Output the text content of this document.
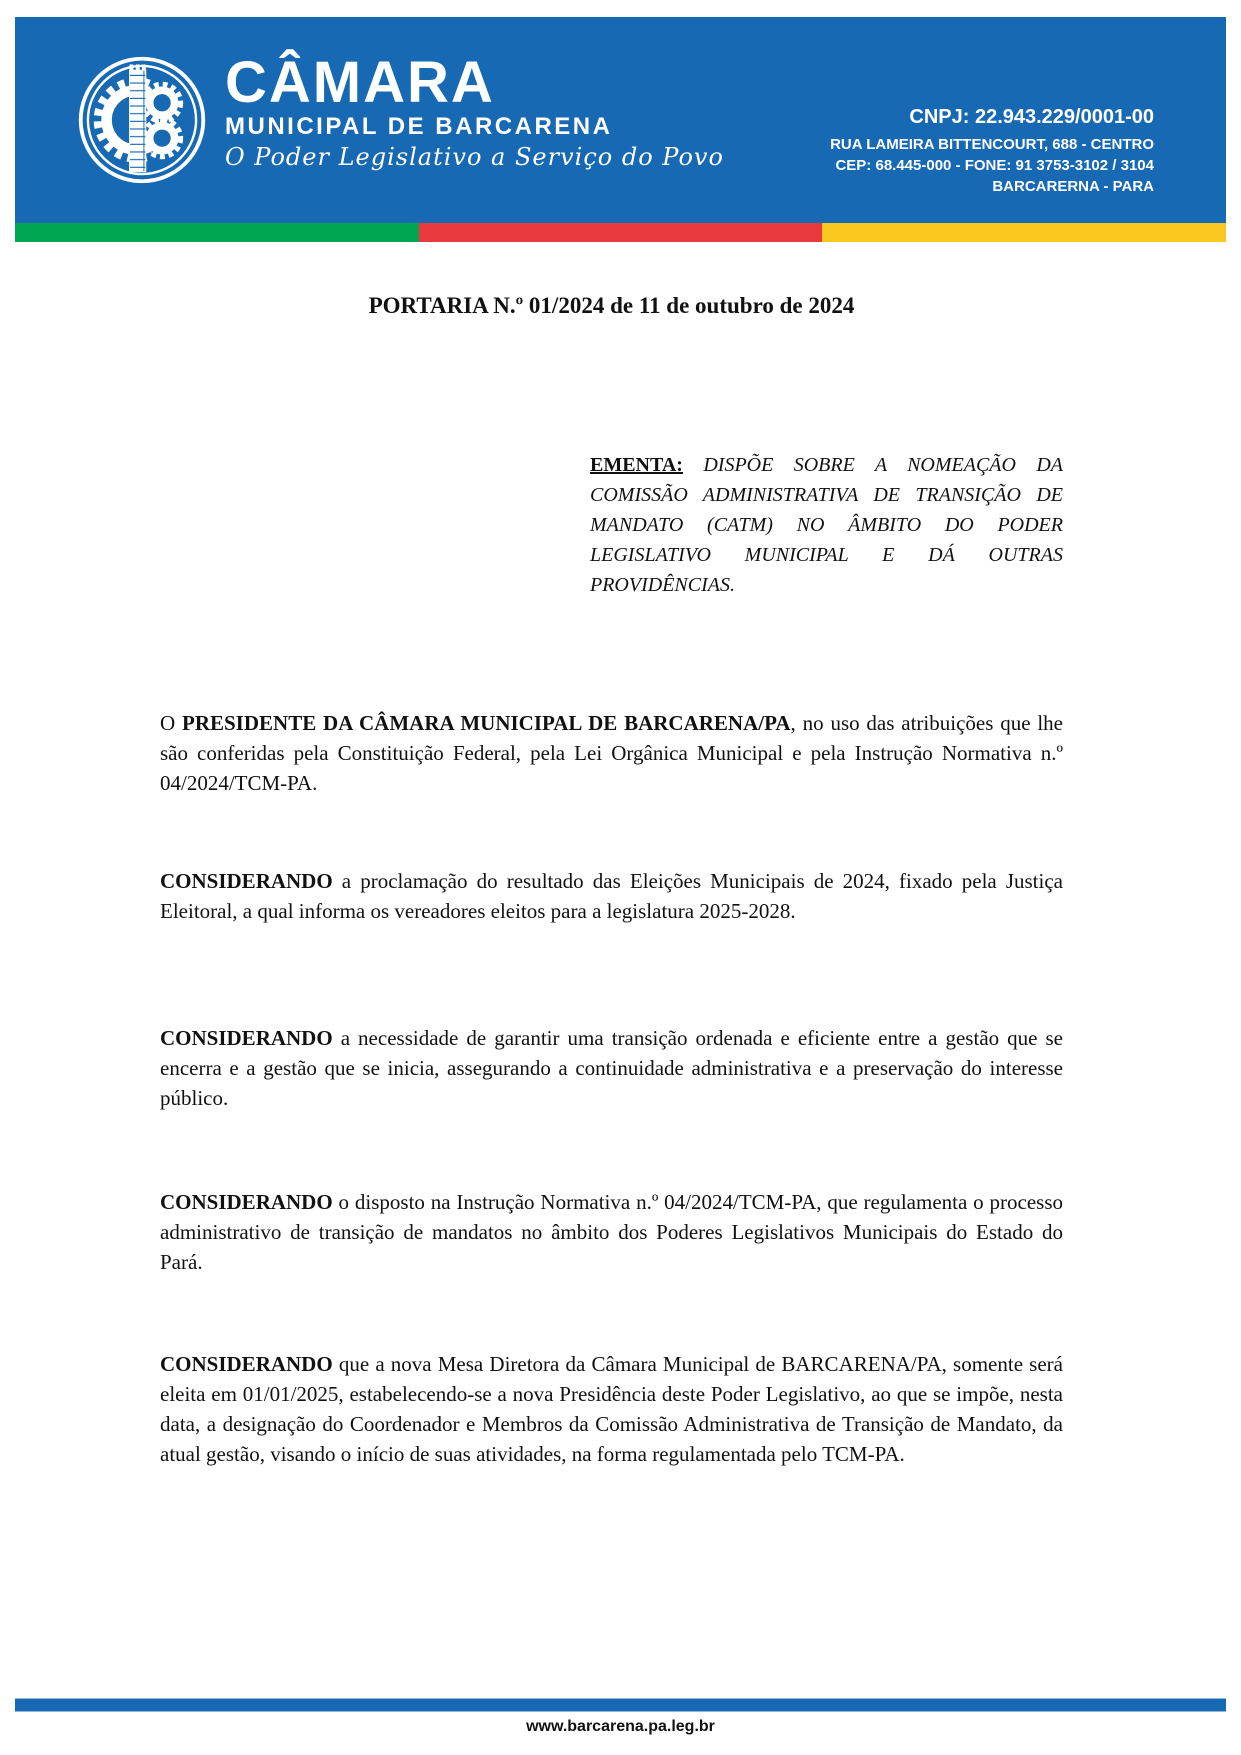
CÂMARA
MUNICIPAL DE BARCARENA
O Poder Legislativo a Serviço do Povo
CNPJ: 22.943.229/0001-00
RUA LAMEIRA BITTENCOURT, 688 - CENTRO
CEP: 68.445-000 - FONE: 91 3753-3102 / 3104
BARCARERNA - PARA
PORTARIA N.º 01/2024 de 11 de outubro de 2024
EMENTA: DISPÕE SOBRE A NOMEAÇÃO DA COMISSÃO ADMINISTRATIVA DE TRANSIÇÃO DE MANDATO (CATM) NO ÂMBITO DO PODER LEGISLATIVO MUNICIPAL E DÁ OUTRAS PROVIDÊNCIAS.
O PRESIDENTE DA CÂMARA MUNICIPAL DE BARCARENA/PA, no uso das atribuições que lhe são conferidas pela Constituição Federal, pela Lei Orgânica Municipal e pela Instrução Normativa n.º 04/2024/TCM-PA.
CONSIDERANDO a proclamação do resultado das Eleições Municipais de 2024, fixado pela Justiça Eleitoral, a qual informa os vereadores eleitos para a legislatura 2025-2028.
CONSIDERANDO a necessidade de garantir uma transição ordenada e eficiente entre a gestão que se encerra e a gestão que se inicia, assegurando a continuidade administrativa e a preservação do interesse público.
CONSIDERANDO o disposto na Instrução Normativa n.º 04/2024/TCM-PA, que regulamenta o processo administrativo de transição de mandatos no âmbito dos Poderes Legislativos Municipais do Estado do Pará.
CONSIDERANDO que a nova Mesa Diretora da Câmara Municipal de BARCARENA/PA, somente será eleita em 01/01/2025, estabelecendo-se a nova Presidência deste Poder Legislativo, ao que se impõe, nesta data, a designação do Coordenador e Membros da Comissão Administrativa de Transição de Mandato, da atual gestão, visando o início de suas atividades, na forma regulamentada pelo TCM-PA.
www.barcarena.pa.leg.br
